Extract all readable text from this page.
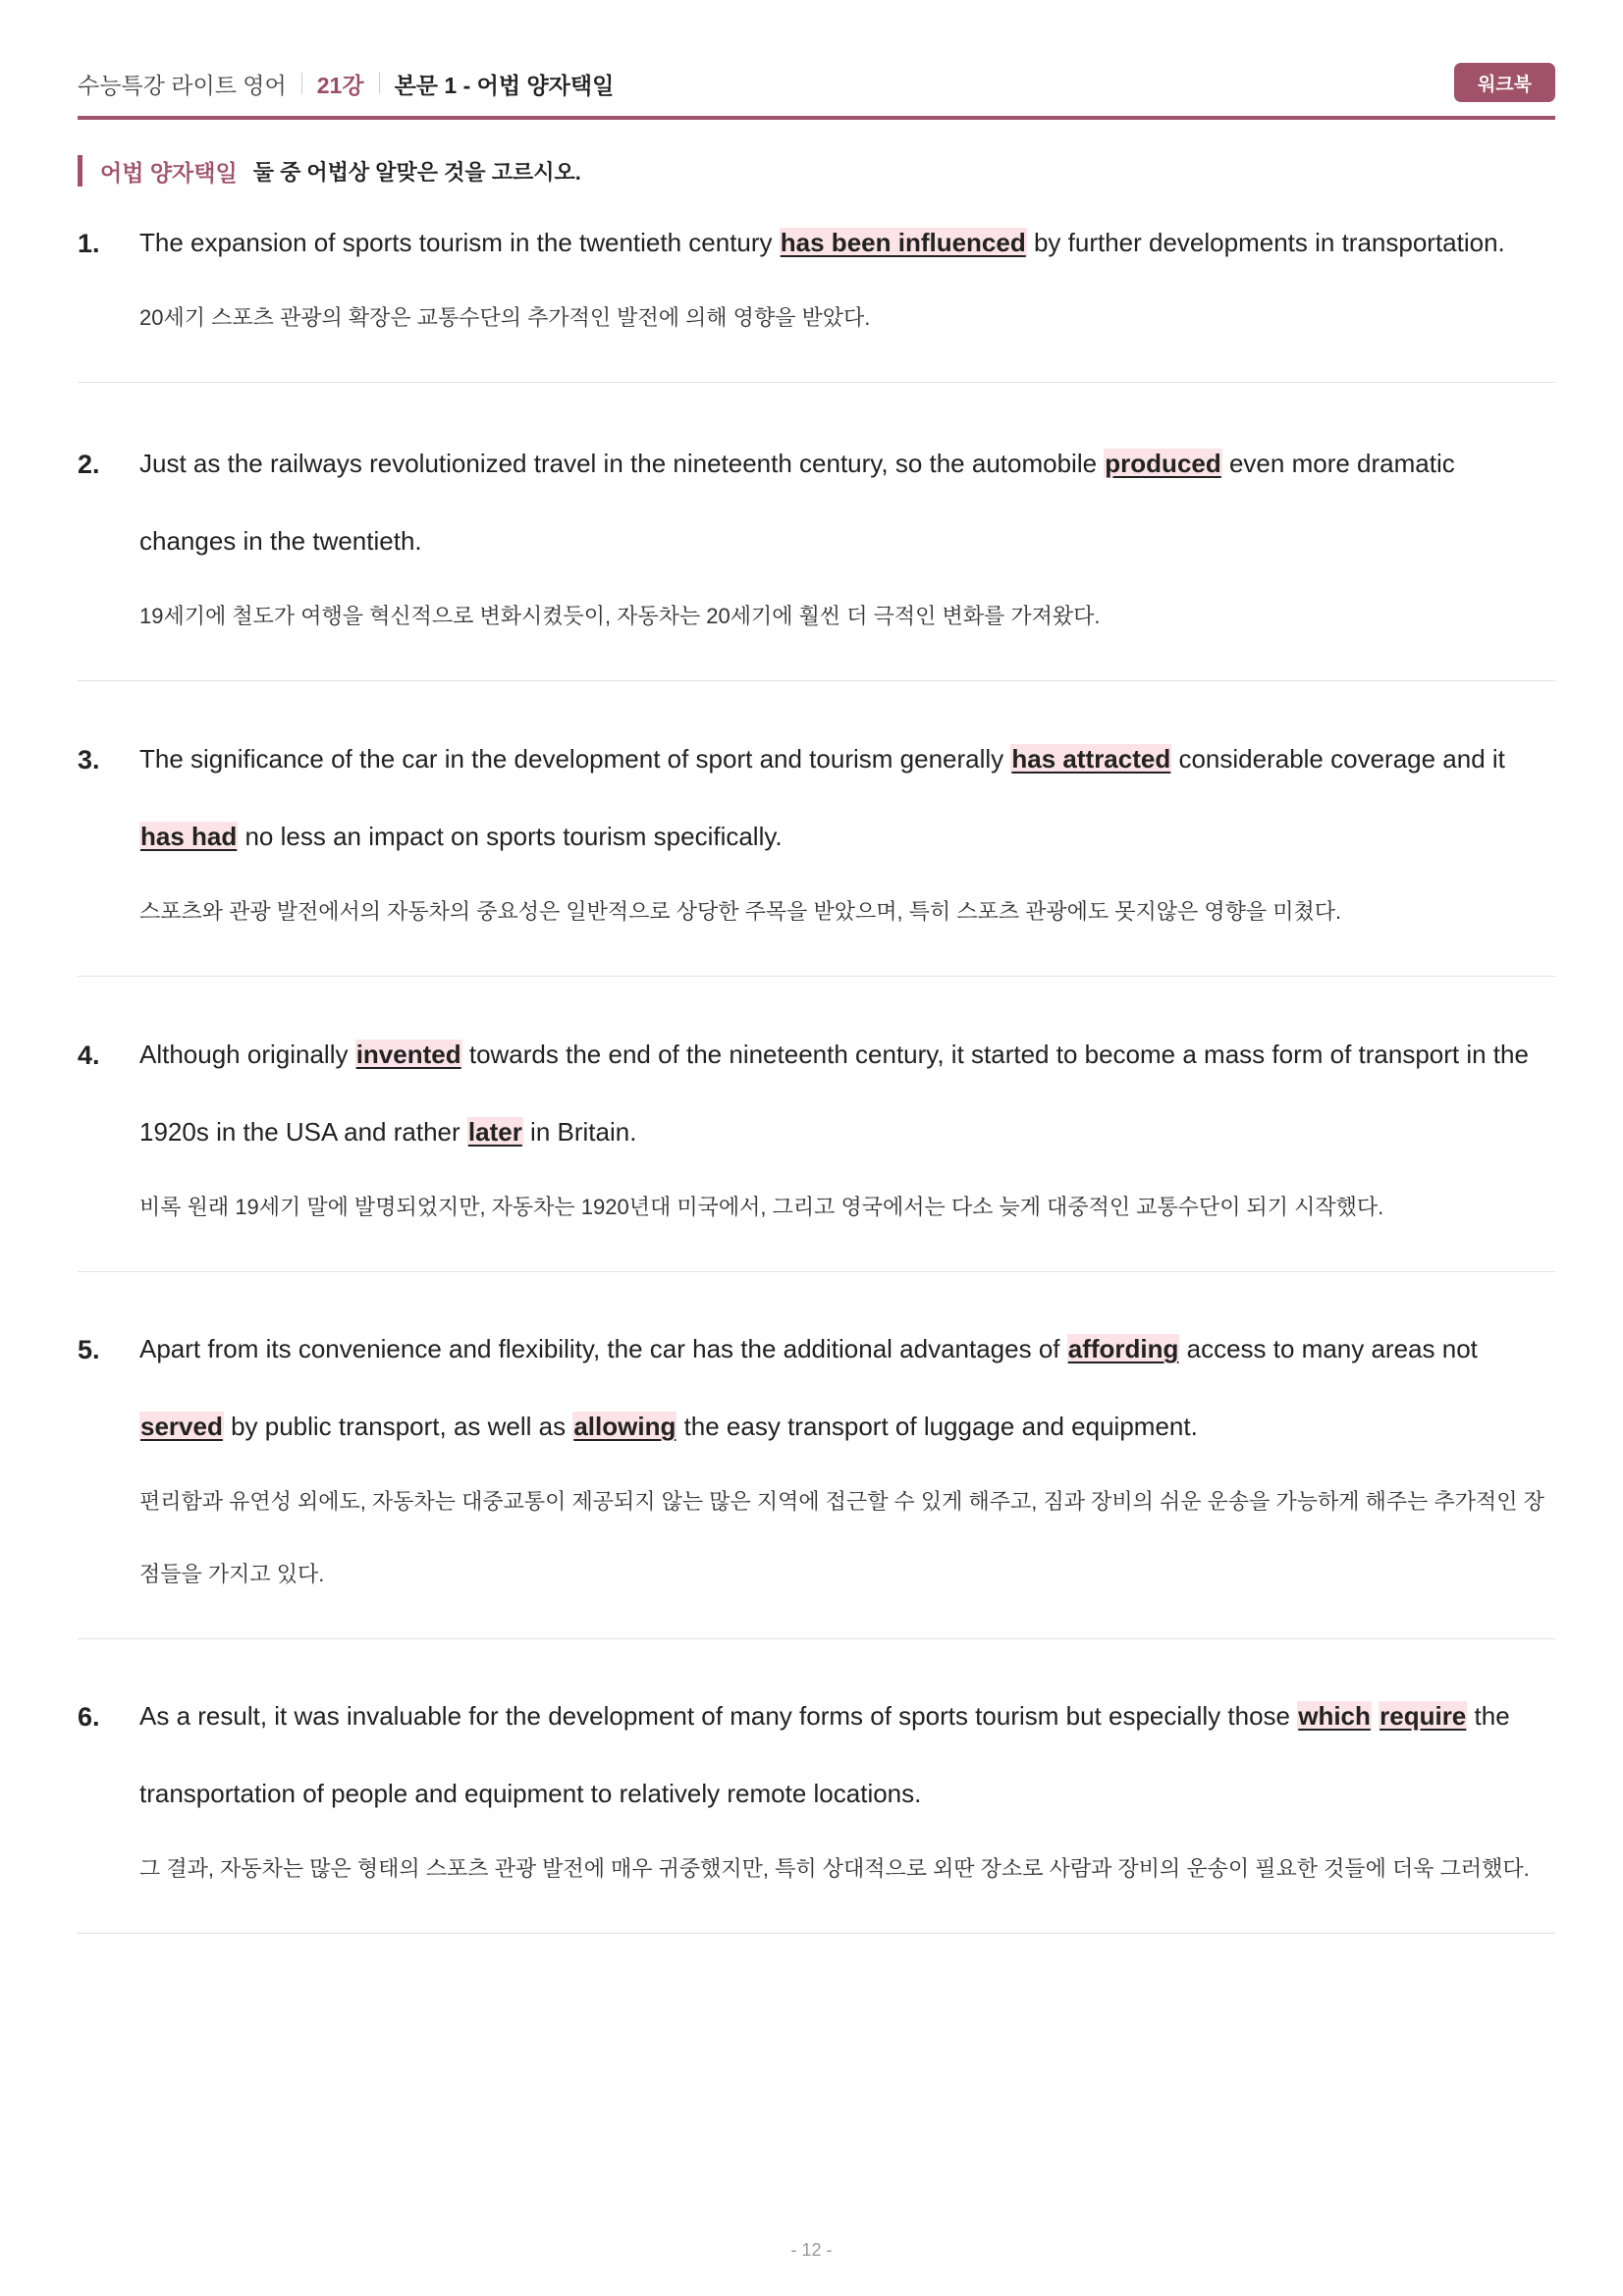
수능특강 라이트 영어 21강 본문 1 - 어법 양자택일	워크북
어법 양자택일 둘 중 어법상 알맞은 것을 고르시오.
1. The expansion of sports tourism in the twentieth century has been influenced by further developments in transportation.
20세기 스포츠 관광의 확장은 교통수단의 추가적인 발전에 의해 영향을 받았다.
2. Just as the railways revolutionized travel in the nineteenth century, so the automobile produced even more dramatic changes in the twentieth.
19세기에 철도가 여행을 혁신적으로 변화시켰듯이, 자동차는 20세기에 훨씬 더 극적인 변화를 가져왔다.
3. The significance of the car in the development of sport and tourism generally has attracted considerable coverage and it has had no less an impact on sports tourism specifically.
스포츠와 관광 발전에서의 자동차의 중요성은 일반적으로 상당한 주목을 받았으며, 특히 스포츠 관광에도 못지않은 영향을 미쳤다.
4. Although originally invented towards the end of the nineteenth century, it started to become a mass form of transport in the 1920s in the USA and rather later in Britain.
비록 원래 19세기 말에 발명되었지만, 자동차는 1920년대 미국에서, 그리고 영국에서는 다소 늦게 대중적인 교통수단이 되기 시작했다.
5. Apart from its convenience and flexibility, the car has the additional advantages of affording access to many areas not served by public transport, as well as allowing the easy transport of luggage and equipment.
편리함과 유연성 외에도, 자동차는 대중교통이 제공되지 않는 많은 지역에 접근할 수 있게 해주고, 짐과 장비의 쉬운 운송을 가능하게 해주는 추가적인 장점들을 가지고 있다.
6. As a result, it was invaluable for the development of many forms of sports tourism but especially those which require the transportation of people and equipment to relatively remote locations.
그 결과, 자동차는 많은 형태의 스포츠 관광 발전에 매우 귀중했지만, 특히 상대적으로 외딴 장소로 사람과 장비의 운송이 필요한 것들에 더욱 그러했다.
- 12 -
